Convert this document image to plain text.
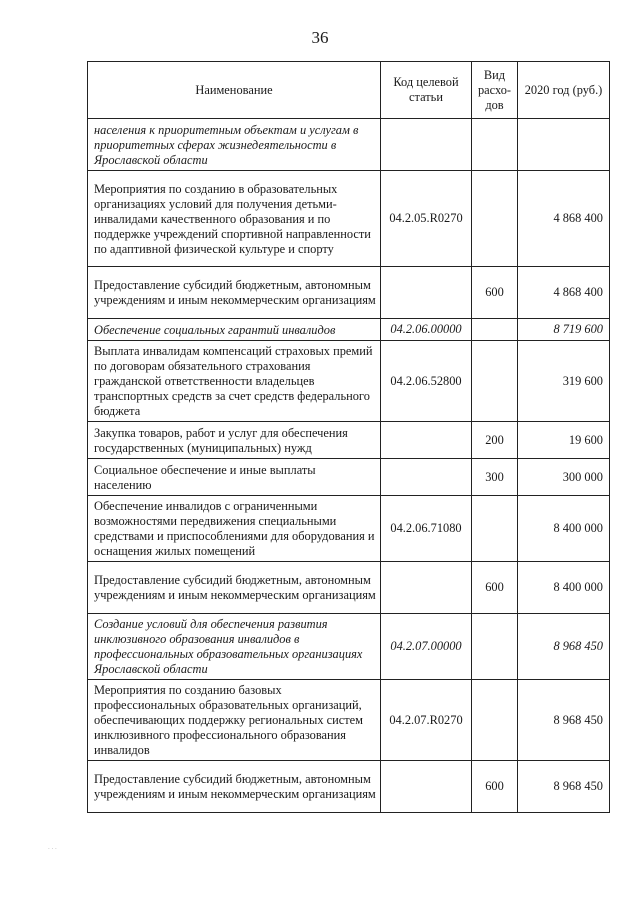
36
Наименование	Код целевой статьи	Вид расхо-дов	2020 год (руб.)
населения к приоритетным объектам и услугам в приоритетных сферах жизнедеятельности в Ярославской области			
Мероприятия по созданию в образовательных организациях условий для получения детьми-инвалидами качественного образования и по поддержке учреждений спортивной направленности по адаптивной физической культуре и спорту	04.2.05.R0270		4 868 400
Предоставление субсидий бюджетным, автономным учреждениям и иным некоммерческим организациям		600	4 868 400
Обеспечение социальных гарантий инвалидов	04.2.06.00000		8 719 600
Выплата инвалидам компенсаций страховых премий по договорам обязательного страхования гражданской ответственности владельцев транспортных средств за счет средств федерального бюджета	04.2.06.52800		319 600
Закупка товаров, работ и услуг для обеспечения государственных (муниципальных) нужд		200	19 600
Социальное обеспечение и иные выплаты населению		300	300 000
Обеспечение инвалидов с ограниченными возможностями передвижения специальными средствами и приспособлениями для оборудования и оснащения жилых помещений	04.2.06.71080		8 400 000
Предоставление субсидий бюджетным, автономным учреждениям и иным некоммерческим организациям		600	8 400 000
Создание условий для обеспечения развития инклюзивного образования инвалидов в профессиональных образовательных организациях Ярославской области	04.2.07.00000		8 968 450
Мероприятия по созданию базовых профессиональных образовательных организаций, обеспечивающих поддержку региональных систем инклюзивного профессионального образования инвалидов	04.2.07.R0270		8 968 450
Предоставление субсидий бюджетным, автономным учреждениям и иным некоммерческим организациям		600	8 968 450
. . .
